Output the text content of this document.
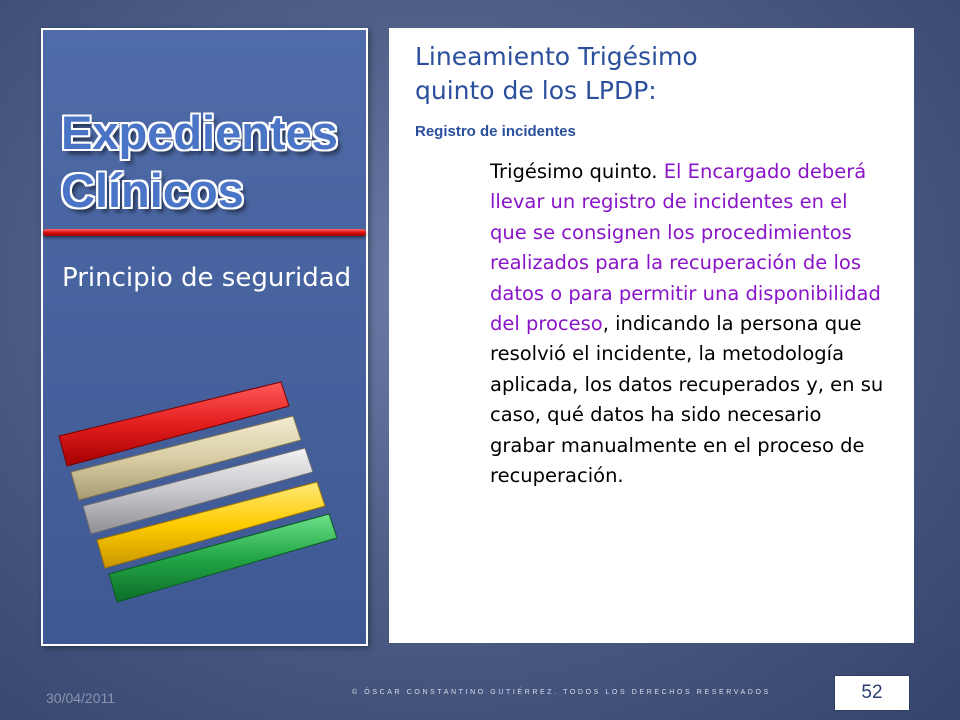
Expedientes
Clínicos

Principio de seguridad

Lineamiento Trigésimo
quinto de los LPDP:
Registro de incidentes

Trigésimo quinto. El Encargado deberá llevar un registro de incidentes en el que se consignen los procedimientos realizados para la recuperación de los datos o para permitir una disponibilidad del proceso, indicando la persona que resolvió el incidente, la metodología aplicada, los datos recuperados y, en su caso, qué datos ha sido necesario grabar manualmente en el proceso de recuperación.

30/04/2011	© ÓSCAR CONSTANTINO GUTIÉRREZ. TODOS LOS DERECHOS RESERVADOS	52
